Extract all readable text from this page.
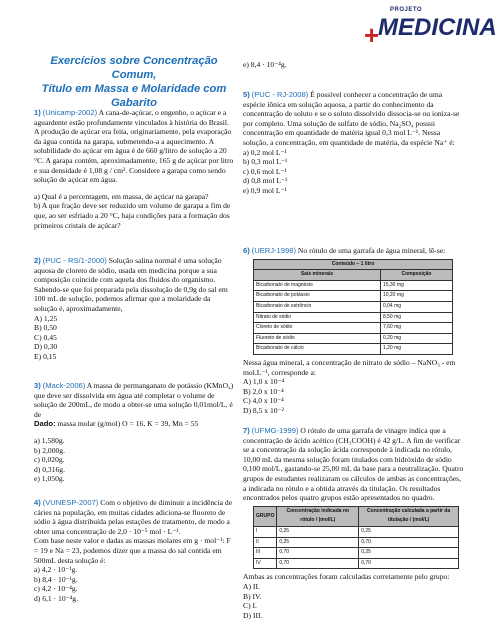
+
PROJETO
MEDICINA
Exercícios sobre Concentração Comum,
Título em Massa e Molaridade com
Gabarito
1) (Unicamp-2002) A cana-de-açúcar, o engenho, o açúcar e a aguardente estão profundamente vinculados à história do Brasil. A produção de açúcar era feita, originariamente, pela evaporação da água contida na garapa, submetendo-a a aquecimento. A solubilidade do açúcar em água é de 660 g/litro de solução a 20 °C. A garapa contém, aproximadamente, 165 g de açúcar por litro e sua densidade é 1,08 g / cm³. Considere a garapa como sendo solução de açúcar em água.
a) Qual é a percentagem, em massa, de açúcar na garapa?
b) A que fração deve ser reduzido um volume de garapa a fim de que, ao ser esfriado a 20 °C, haja condições para a formação dos primeiros cristais de açúcar?
2) (PUC - RS/1-2000) Solução salina normal é uma solução aquosa de cloreto de sódio, usada em medicina porque a sua composição coincide com aquela dos fluidos do organismo. Sabendo-se que foi preparada pela dissolução de 0,9g do sal em 100 mL de solução, podemos afirmar que a molaridade da solução é, aproximadamente,
A) 1,25
B) 0,50
C) 0,45
D) 0,30
E) 0,15
3) (Mack-2006) A massa de permanganato de potássio (KMnO₄) que deve ser dissolvida em água até completar o volume de solução de 200mL, de modo a obter-se uma solução 0,01mol/L, é de
Dado: massa molar (g/mol) O = 16, K = 39, Mn = 55
a) 1,580g.
b) 2,000g.
c) 0,020g.
d) 0,316g.
e) 1,050g.
4) (VUNESP-2007) Com o objetivo de diminuir a incidência de cáries na população, em muitas cidades adiciona-se fluoreto de sódio à água distribuída pelas estações de tratamento, de modo a obter uma concentração de 2,0 · 10⁻⁵ mol · L⁻¹.
Com base neste valor e dadas as massas molares em g · mol⁻¹: F = 19 e Na = 23, podemos dizer que a massa do sal contida em 500mL desta solução é:
a) 4,2 · 10⁻¹g.
b) 8,4 · 10⁻¹g.
c) 4,2 · 10⁻⁴g.
d) 6,1 · 10⁻⁴g.
e) 8,4 · 10⁻⁴g.
5) (PUC - RJ-2008) É possível conhecer a concentração de uma espécie iônica em solução aquosa, a partir do conhecimento da concentração de soluto e se o soluto dissolvido dissocia-se ou ioniza-se por completo. Uma solução de sulfato de sódio, Na₂SO₄ possui concentração em quantidade de matéria igual 0,3 mol L⁻¹. Nessa solução, a concentração, em quantidade de matéria, da espécie Na⁺ é:
a) 0,2 mol L⁻¹
b) 0,3 mol L⁻¹
c) 0,6 mol L⁻¹
d) 0,8 mol L⁻¹
e) 0,9 mol L⁻¹
6) (UERJ-1998) No rótulo de uma garrafa de água mineral, lê-se:
Conteúdo – 1 litro	
Sais minerais	Composição
Bicarbonato de magnésio	15,30 mg
Bicarbonato de potássio	10,20 mg
Bicarbonato de estrôncio	0,04 mg
Nitrato de sódio	8,50 mg
Cloreto de sódio	7,60 mg
Fluoreto de sódio	0,20 mg
Bicarbonato de cálcio	1,20 mg
Nessa água mineral, a concentração de nitrato de sódio – NaNO₃ - em mol.L⁻¹, corresponde a:
A) 1,0 x 10⁻⁴
B) 2,0 x 10⁻⁴
C) 4,0 x 10⁻⁴
D) 8,5 x 10⁻²
7) (UFMG-1999) O rótulo de uma garrafa de vinagre indica que a concentração de ácido acético (CH₃COOH) é 42 g/L. A fim de verificar se a concentração da solução ácida corresponde à indicada no rótulo, 10,00 mL da mesma solução foram titulados com hidróxido de sódio 0,100 mol/L, gastando-se 25,00 mL da base para a neutralização. Quatro grupos de estudantes realizaram os cálculos de ambas as concentrações, a indicada no rótulo e a obtida através da titulação. Os resultados encontrados pelos quatro grupos estão apresentados no quadro.
GRUPO	Concentração indicada no rótulo / (mol/L)	Concentração calculada a partir da titulação / (mol/L)
I	0,25	0,25
II	0,25	0,70
III	0,70	0,25
IV	0,70	0,70
Ambas as concentrações foram calculadas corretamente pelo grupo:
A) II.
B) IV.
C) I.
D) III.
